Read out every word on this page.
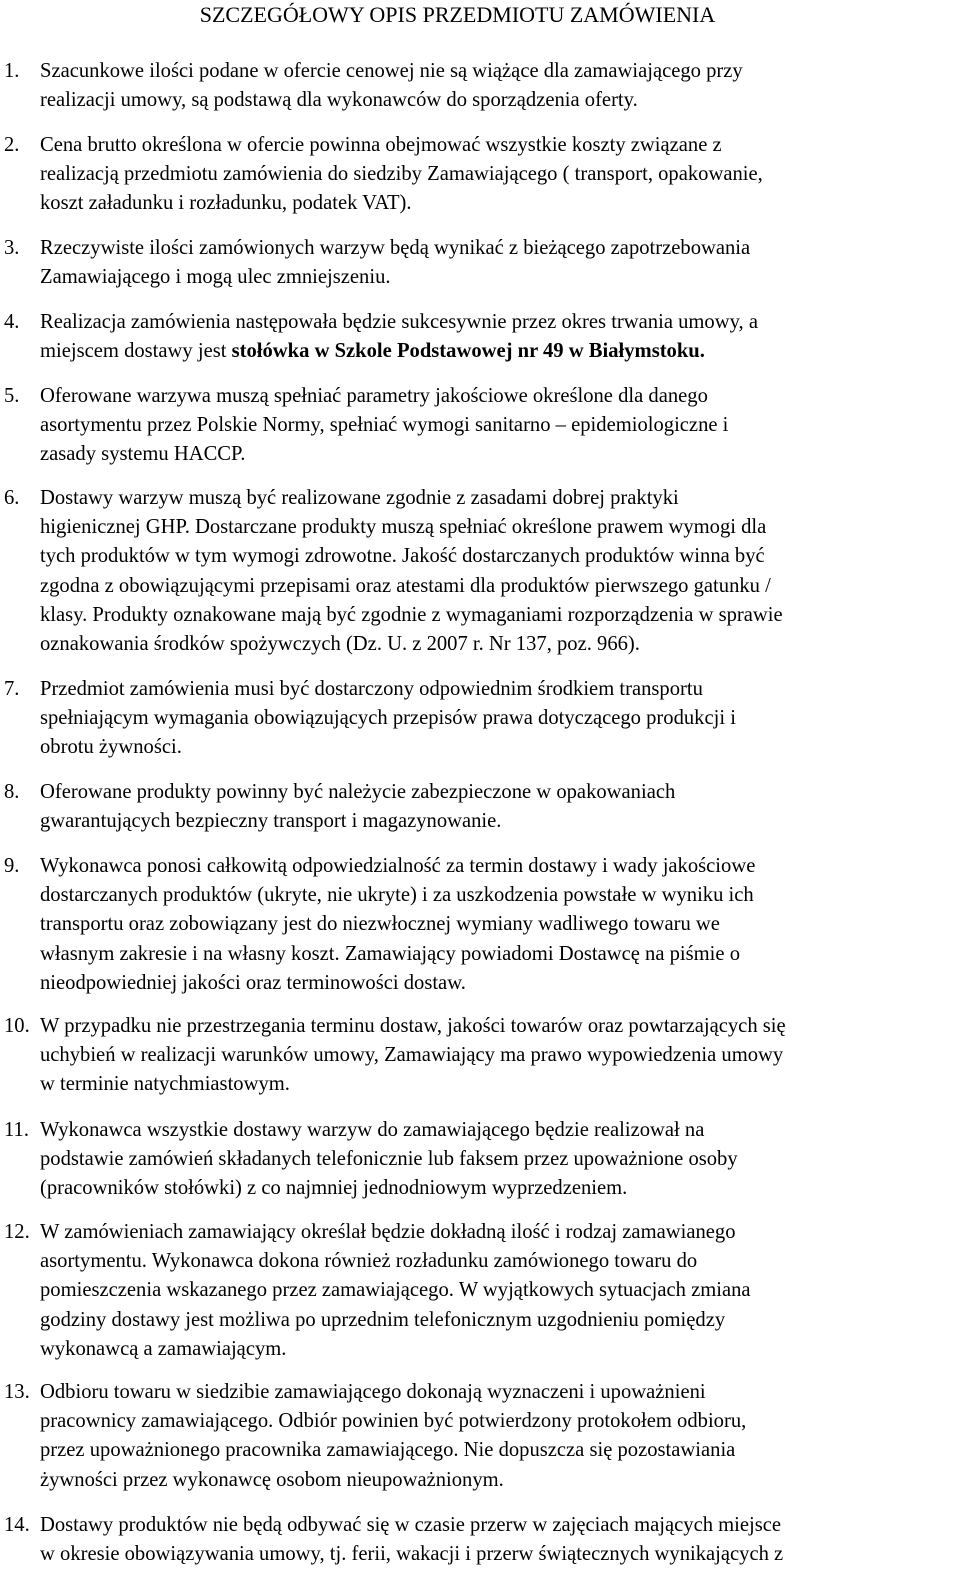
SZCZEGÓŁOWY OPIS PRZEDMIOTU ZAMÓWIENIA
1. Szacunkowe ilości podane w ofercie cenowej nie są wiążące dla zamawiającego przy
realizacji umowy, są podstawą dla wykonawców do sporządzenia oferty.
2. Cena brutto określona w ofercie powinna obejmować wszystkie koszty związane z
realizacją przedmiotu zamówienia do siedziby Zamawiającego ( transport, opakowanie,
koszt załadunku i rozładunku, podatek VAT).
3. Rzeczywiste ilości zamówionych warzyw będą wynikać z bieżącego zapotrzebowania
Zamawiającego i mogą ulec zmniejszeniu.
4. Realizacja zamówienia następowała będzie sukcesywnie przez okres trwania umowy, a
miejscem dostawy jest stołówka w Szkole Podstawowej nr 49 w Białymstoku.
5. Oferowane warzywa muszą spełniać parametry jakościowe określone dla danego
asortymentu przez Polskie Normy, spełniać wymogi sanitarno – epidemiologiczne i
zasady systemu HACCP.
6. Dostawy warzyw muszą być realizowane zgodnie z zasadami dobrej praktyki
higienicznej GHP. Dostarczane produkty muszą spełniać określone prawem wymogi dla
tych produktów w tym wymogi zdrowotne. Jakość dostarczanych produktów winna być
zgodna z obowiązującymi przepisami oraz atestami dla produktów pierwszego gatunku /
klasy. Produkty oznakowane mają być zgodnie z wymaganiami rozporządzenia w sprawie
oznakowania środków spożywczych (Dz. U. z 2007 r. Nr 137, poz. 966).
7. Przedmiot zamówienia musi być dostarczony odpowiednim środkiem transportu
spełniającym wymagania obowiązujących przepisów prawa dotyczącego produkcji i
obrotu żywności.
8. Oferowane produkty powinny być należycie zabezpieczone w opakowaniach
gwarantujących bezpieczny transport i magazynowanie.
9. Wykonawca ponosi całkowitą odpowiedzialność za termin dostawy i wady jakościowe
dostarczanych produktów (ukryte, nie ukryte) i za uszkodzenia powstałe w wyniku ich
transportu oraz zobowiązany jest do niezwłocznej wymiany wadliwego towaru we
własnym zakresie i na własny koszt. Zamawiający powiadomi Dostawcę na piśmie o
nieodpowiedniej jakości oraz terminowości dostaw.
10. W przypadku nie przestrzegania terminu dostaw, jakości towarów oraz powtarzających się
uchybień w realizacji warunków umowy, Zamawiający ma prawo wypowiedzenia umowy
w terminie natychmiastowym.
11. Wykonawca wszystkie dostawy warzyw do zamawiającego będzie realizował na
podstawie zamówień składanych telefonicznie lub faksem przez upoważnione osoby
(pracowników stołówki) z co najmniej jednodniowym wyprzedzeniem.
12. W zamówieniach zamawiający określał będzie dokładną ilość i rodzaj zamawianego
asortymentu. Wykonawca dokona również rozładunku zamówionego towaru do
pomieszczenia wskazanego przez zamawiającego. W wyjątkowych sytuacjach zmiana
godziny dostawy jest możliwa po uprzednim telefonicznym uzgodnieniu pomiędzy
wykonawcą a zamawiającym.
13. Odbioru towaru w siedzibie zamawiającego dokonają wyznaczeni i upoważnieni
pracownicy zamawiającego. Odbiór powinien być potwierdzony protokołem odbioru,
przez upoważnionego pracownika zamawiającego. Nie dopuszcza się pozostawiania
żywności przez wykonawcę osobom nieupoważnionym.
14. Dostawy produktów nie będą odbywać się w czasie przerw w zajęciach mających miejsce
w okresie obowiązywania umowy, tj. ferii, wakacji i przerw świątecznych wynikających z
